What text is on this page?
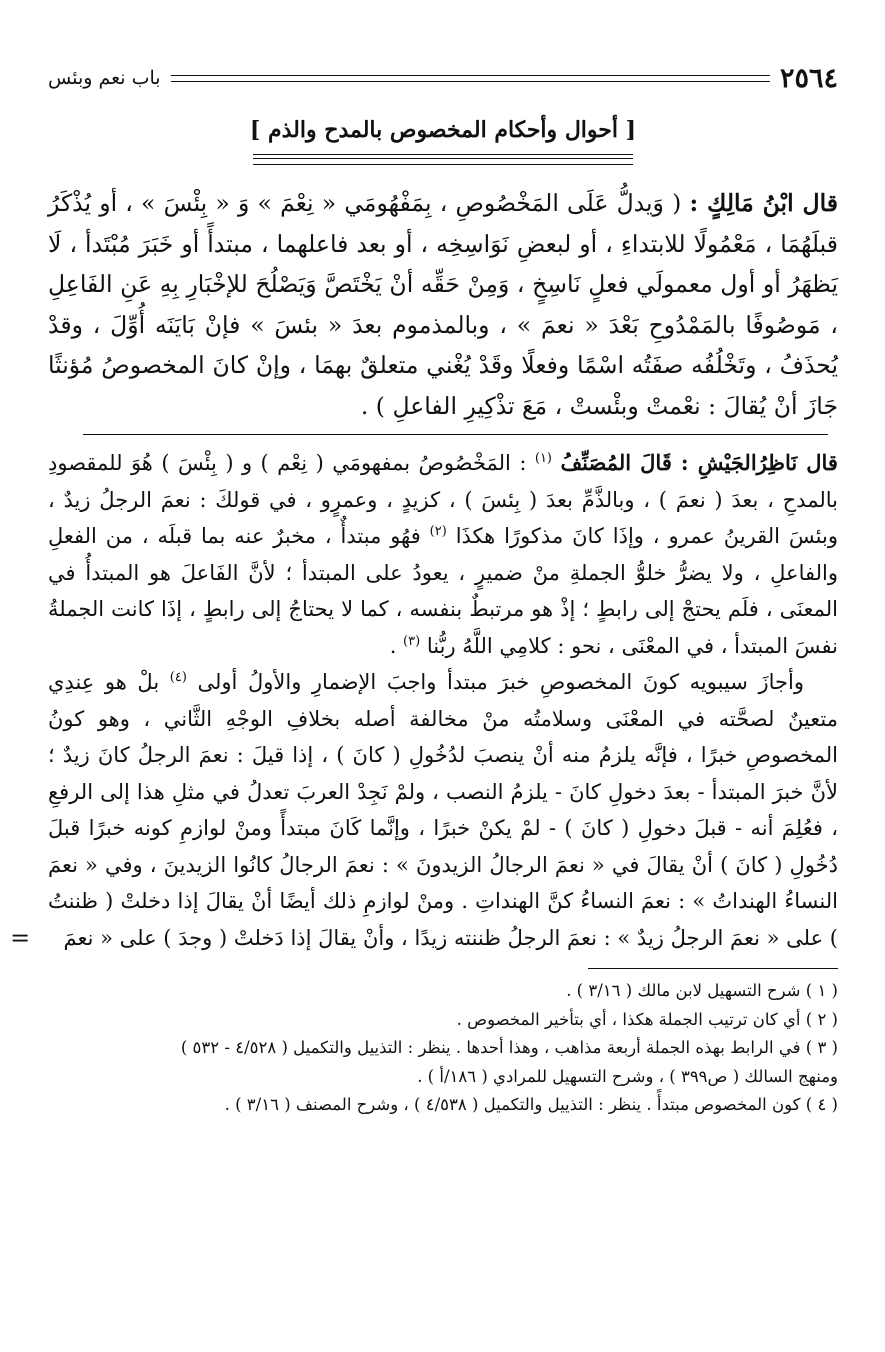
٢٥٦٤
باب نعم وبئس
[ أحوال وأحكام المخصوص بالمدح والذم ]
قال ابْنُ مَالِكٍ : ( وَيدلُّ عَلَى المَخْصُوصِ ، بِمَفْهُومَي « نِعْمَ » وَ « بِئْسَ » ، أو يُذْكَرُ قبلَهُمَا ، مَعْمُولًا للابتداءِ ، أو لبعضِ نَوَاسِخِه ، أو بعد فاعلهما ، مبتدأً أو خَبَرَ مُبْتَدأ ، لَا يَظهَرُ أو أول معمولَي فعلٍ نَاسِخٍ ، وَمِنْ حَقِّه أنْ يَخْتَصَّ وَيَصْلُحَ للإخْبَارِ بِهِ عَنِ الفَاعِلِ ، مَوصُوفًا بالمَمْدُوحِ بَعْدَ « نعمَ » ، وبالمذموم بعدَ « بئسَ » فإنْ بَايَنَه أُوِّلَ ، وقدْ يُحذَفُ ، وتَخْلُفُه صفَتُه اسْمًا وفعلًا وقَدْ يُغْني متعلقٌ بهمَا ، وإنْ كانَ المخصوصُ مُؤنثًا جَازَ أنْ يُقالَ : نعْمتْ وبئْستْ ، مَعَ تذْكِيرِ الفاعلِ ) .

قال نَاظِرُالجَيْشِ : قَالَ المُصَنِّفُ $^{(١)}$ : المَخْصُوصُ بمفهومَي ( نِعْم ) و ( بِئْسَ ) هُوَ للمقصودِ بالمدحِ ، بعدَ ( نعمَ ) ، وبالذَّمِّ بعدَ ( بِئسَ ) ، كزيدٍ ، وعمرٍو ، في قولكَ : نعمَ الرجلُ زيدٌ ، وبئسَ القرينُ عمرو ، وإذَا كانَ مذكورًا هكذَا $^{(٢)}$ فهُو مبتدأٌ ، مخبرٌ عنه بما قبلَه ، من الفعلِ والفاعلِ ، ولا يضرُّ خلوُّ الجملةِ منْ ضميرٍ ، يعودُ على المبتدأ ؛ لأنَّ الفَاعلَ هو المبتدأُ في المعنَى ، فلَم يحتجْ إلى رابطٍ ؛ إذْ هو مرتبطٌ بنفسه ، كما لا يحتاجُ إلى رابطٍ ، إذَا كانت الجملةُ نفسَ المبتدأ ، في المعْنَى ، نحو : كلامِي اللَّهُ ربُّنا $^{(٣)}$ .

وأجازَ سيبويه كونَ المخصوصِ خبرَ مبتدأ واجبَ الإضمارِ والأولُ أولى $^{(٤)}$ بلْ هو عِندِي متعينٌ لصحَّته في المعْنَى وسلامتُه منْ مخالفة أصله بخلافِ الوجْهِ الثَّاني ، وهو كونُ المخصوصِ خبرًا ، فإنَّه يلزمُ منه أنْ ينصبَ لدُخُولِ ( كانَ ) ، إذا قيلَ : نعمَ الرجلُ كانَ زيدٌ ؛ لأنَّ خبرَ المبتدأ - بعدَ دخولِ كانَ - يلزمُ النصب ، ولمْ نَجِدْ العربَ تعدلُ في مثلِ هذا إلى الرفعِ ، فعُلِمَ أنه - قبلَ دخولِ ( كانَ ) - لمْ يكنْ خبرًا ، وإنَّما كَانَ مبتدأً ومنْ لوازمِ كونه خبرًا قبلَ دُخُولِ ( كانَ ) أنْ يقالَ في « نعمَ الرجالُ الزيدونَ » : نعمَ الرجالُ كانُوا الزيدينَ ، وفي « نعمَ النساءُ الهنداتُ » : نعمَ النساءُ كنَّ الهنداتِ . ومنْ لوازمِ ذلك أيضًا أنْ يقالَ إذا دخلتْ ( ظننتُ ) على « نعمَ الرجلُ زيدٌ » : نعمَ الرجلُ ظننته زيدًا ، وأنْ يقالَ إذا دَخلتْ ( وجدَ ) على « نعمَ
=

( ١ ) شرح التسهيل لابن مالك ( ٣/١٦ ) .
( ٢ ) أي كان ترتيب الجملة هكذا ، أي بتأخير المخصوص .
( ٣ ) في الرابط بهذه الجملة أربعة مذاهب ، وهذا أحدها . ينظر : التذييل والتكميل ( ٤/٥٢٨ - ٥٣٢ )
ومنهج السالك ( ص٣٩٩ ) ، وشرح التسهيل للمرادي ( ١٨٦/أ ) .
( ٤ ) كون المخصوص مبتدأً . ينظر : التذييل والتكميل ( ٤/٥٣٨ ) ، وشرح المصنف ( ٣/١٦ ) .
